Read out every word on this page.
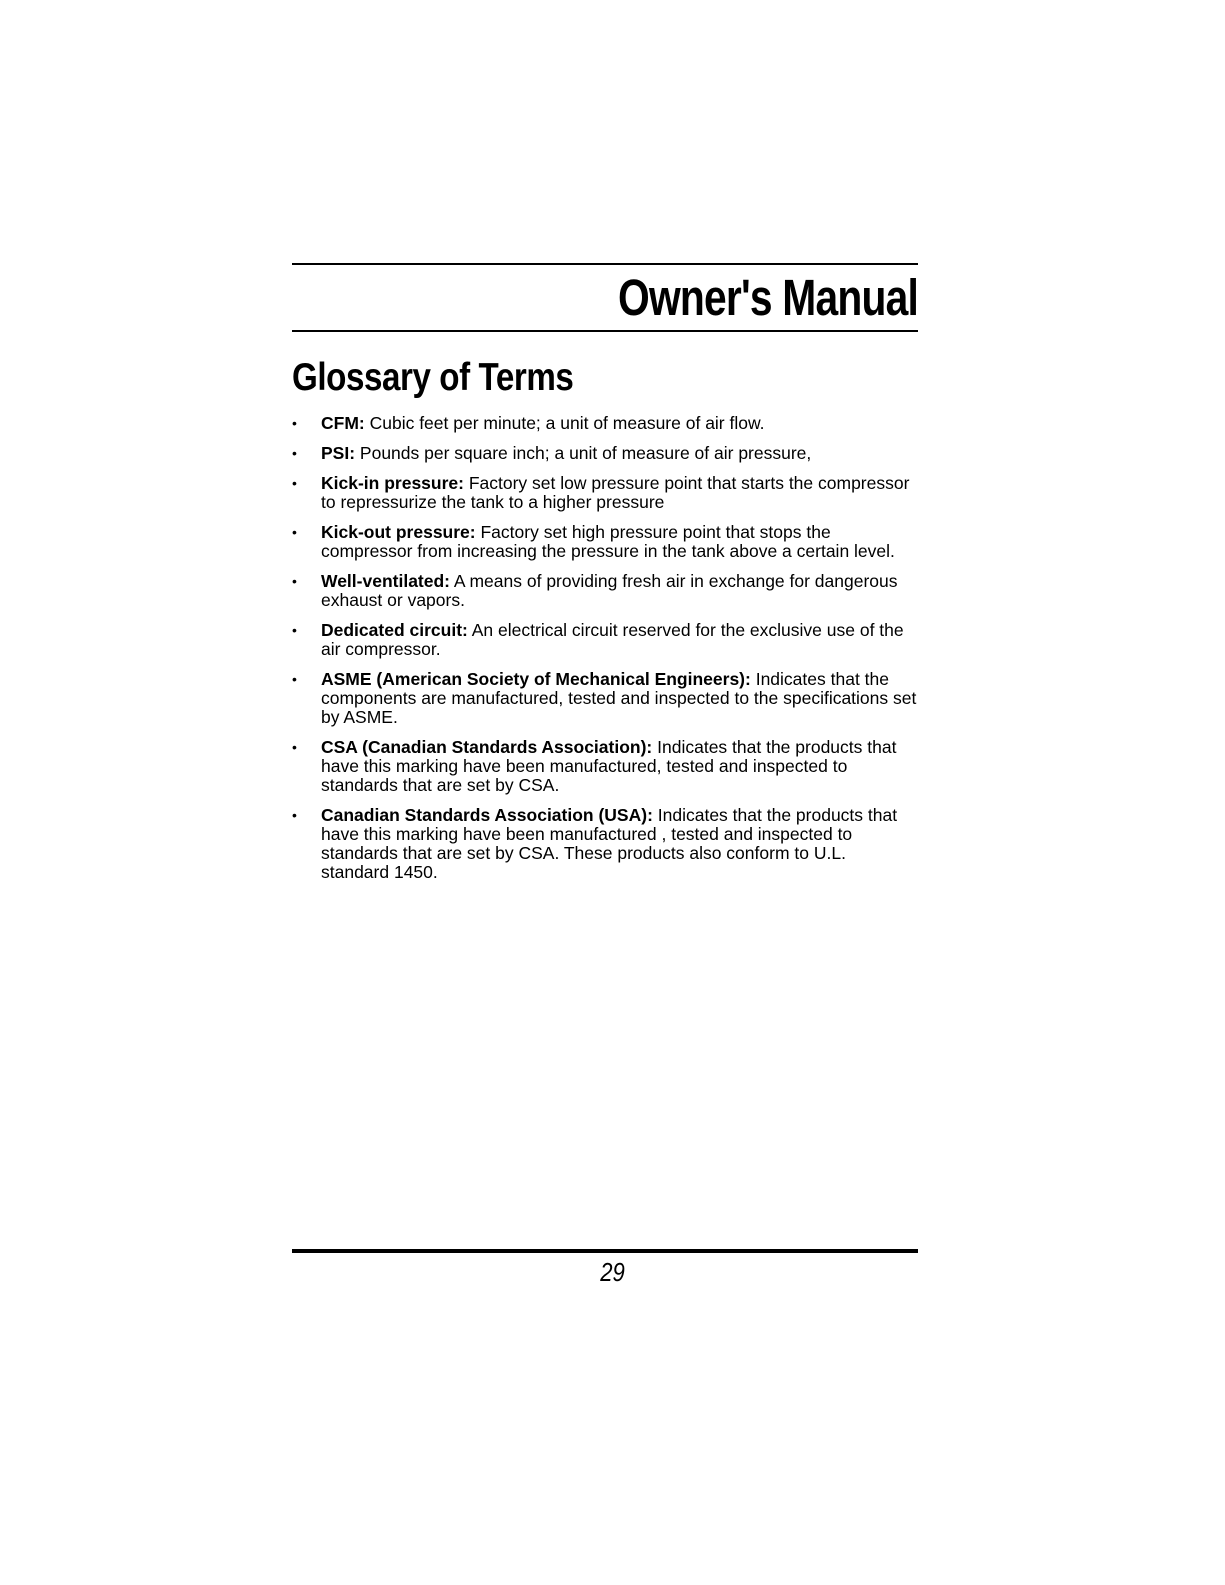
Owner's Manual
Glossary of Terms
•	CFM: Cubic feet per minute; a unit of measure of air flow.
•	PSI: Pounds per square inch; a unit of measure of air pressure,
•	Kick-in pressure: Factory set low pressure point that starts the compressor to repressurize the tank to a higher pressure
•	Kick-out pressure: Factory set high pressure point that stops the compressor from increasing the pressure in the tank above a certain level.
•	Well-ventilated: A means of providing fresh air in exchange for dangerous exhaust or vapors.
•	Dedicated circuit: An electrical circuit reserved for the exclusive use of the air compressor.
•	ASME (American Society of Mechanical Engineers): Indicates that the components are manufactured, tested and inspected to the specifications set by ASME.
•	CSA (Canadian Standards Association): Indicates that the products that have this marking have been manufactured, tested and inspected to standards that are set by CSA.
•	Canadian Standards Association (USA): Indicates that the products that have this marking have been manufactured , tested and inspected to standards that are set by CSA. These products also conform to U.L. standard 1450.
29
